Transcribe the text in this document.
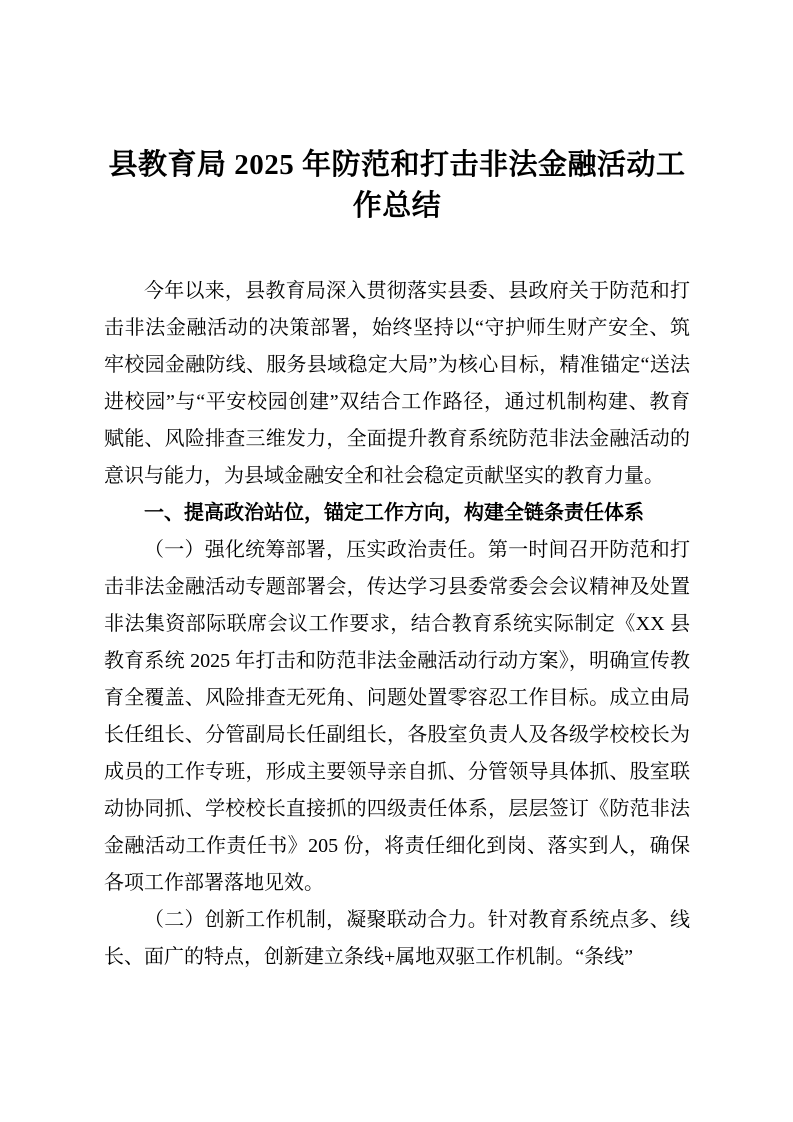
县教育局 2025 年防范和打击非法金融活动工作总结

今年以来，县教育局深入贯彻落实县委、县政府关于防范和打击非法金融活动的决策部署，始终坚持以“守护师生财产安全、筑牢校园金融防线、服务县域稳定大局”为核心目标，精准锚定“送法进校园”与“平安校园创建”双结合工作路径，通过机制构建、教育赋能、风险排查三维发力，全面提升教育系统防范非法金融活动的意识与能力，为县域金融安全和社会稳定贡献坚实的教育力量。

一、提高政治站位，锚定工作方向，构建全链条责任体系

（一）强化统筹部署，压实政治责任。第一时间召开防范和打击非法金融活动专题部署会，传达学习县委常委会会议精神及处置非法集资部际联席会议工作要求，结合教育系统实际制定《XX 县教育系统 2025 年打击和防范非法金融活动行动方案》，明确宣传教育全覆盖、风险排查无死角、问题处置零容忍工作目标。成立由局长任组长、分管副局长任副组长，各股室负责人及各级学校校长为成员的工作专班，形成主要领导亲自抓、分管领导具体抓、股室联动协同抓、学校校长直接抓的四级责任体系，层层签订《防范非法金融活动工作责任书》205 份，将责任细化到岗、落实到人，确保各项工作部署落地见效。

（二）创新工作机制，凝聚联动合力。针对教育系统点多、线长、面广的特点，创新建立条线+属地双驱工作机制。“条线”
